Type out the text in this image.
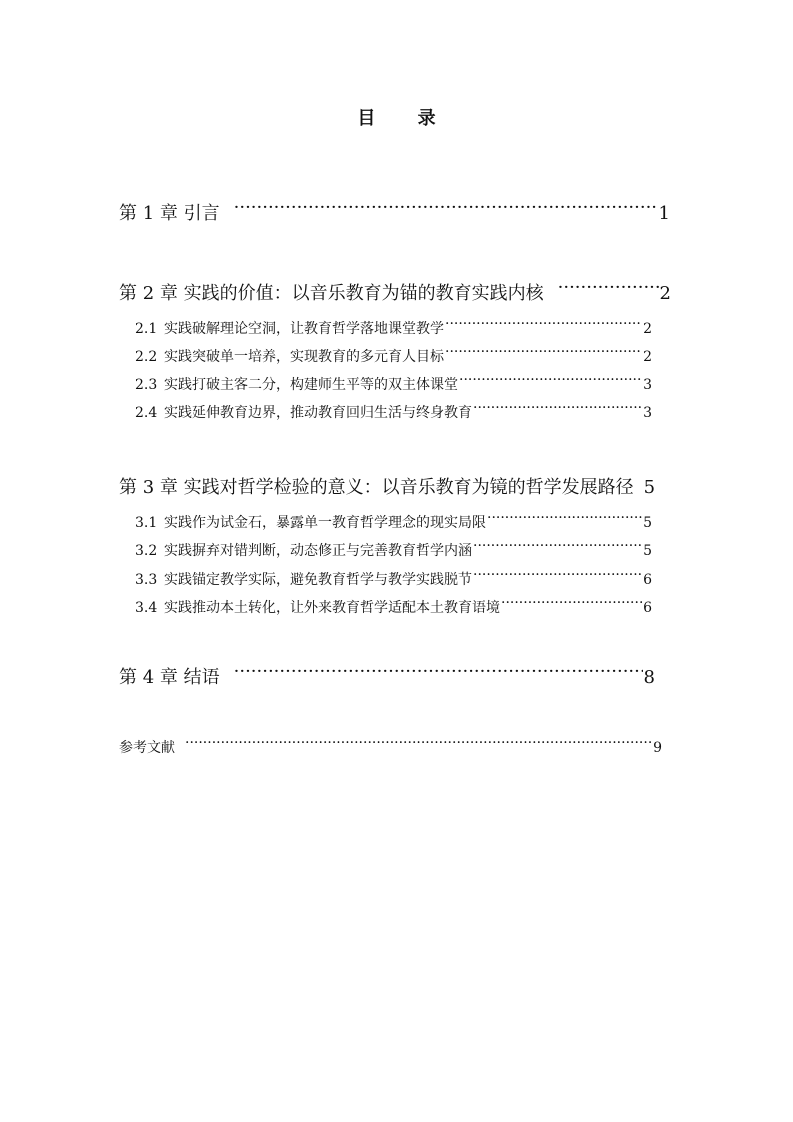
目 录
第 1 章 引言 ·····	1
第 2 章 实践的价值：以音乐教育为锚的教育实践内核 ·····	2
2.1 实践破解理论空洞，让教育哲学落地课堂教学 ·····	2
2.2 实践突破单一培养，实现教育的多元育人目标 ·····	2
2.3 实践打破主客二分，构建师生平等的双主体课堂 ·····	3
2.4 实践延伸教育边界，推动教育回归生活与终身教育 ·····	3
第 3 章 实践对哲学检验的意义：以音乐教育为镜的哲学发展路径 5
3.1 实践作为试金石，暴露单一教育哲学理念的现实局限 ·····	5
3.2 实践摒弃对错判断，动态修正与完善教育哲学内涵 ·····	5
3.3 实践锚定教学实际，避免教育哲学与教学实践脱节 ·····	6
3.4 实践推动本土转化，让外来教育哲学适配本土教育语境 ·····	6
第 4 章 结语 ·····	8
参考文献 ·····	9
